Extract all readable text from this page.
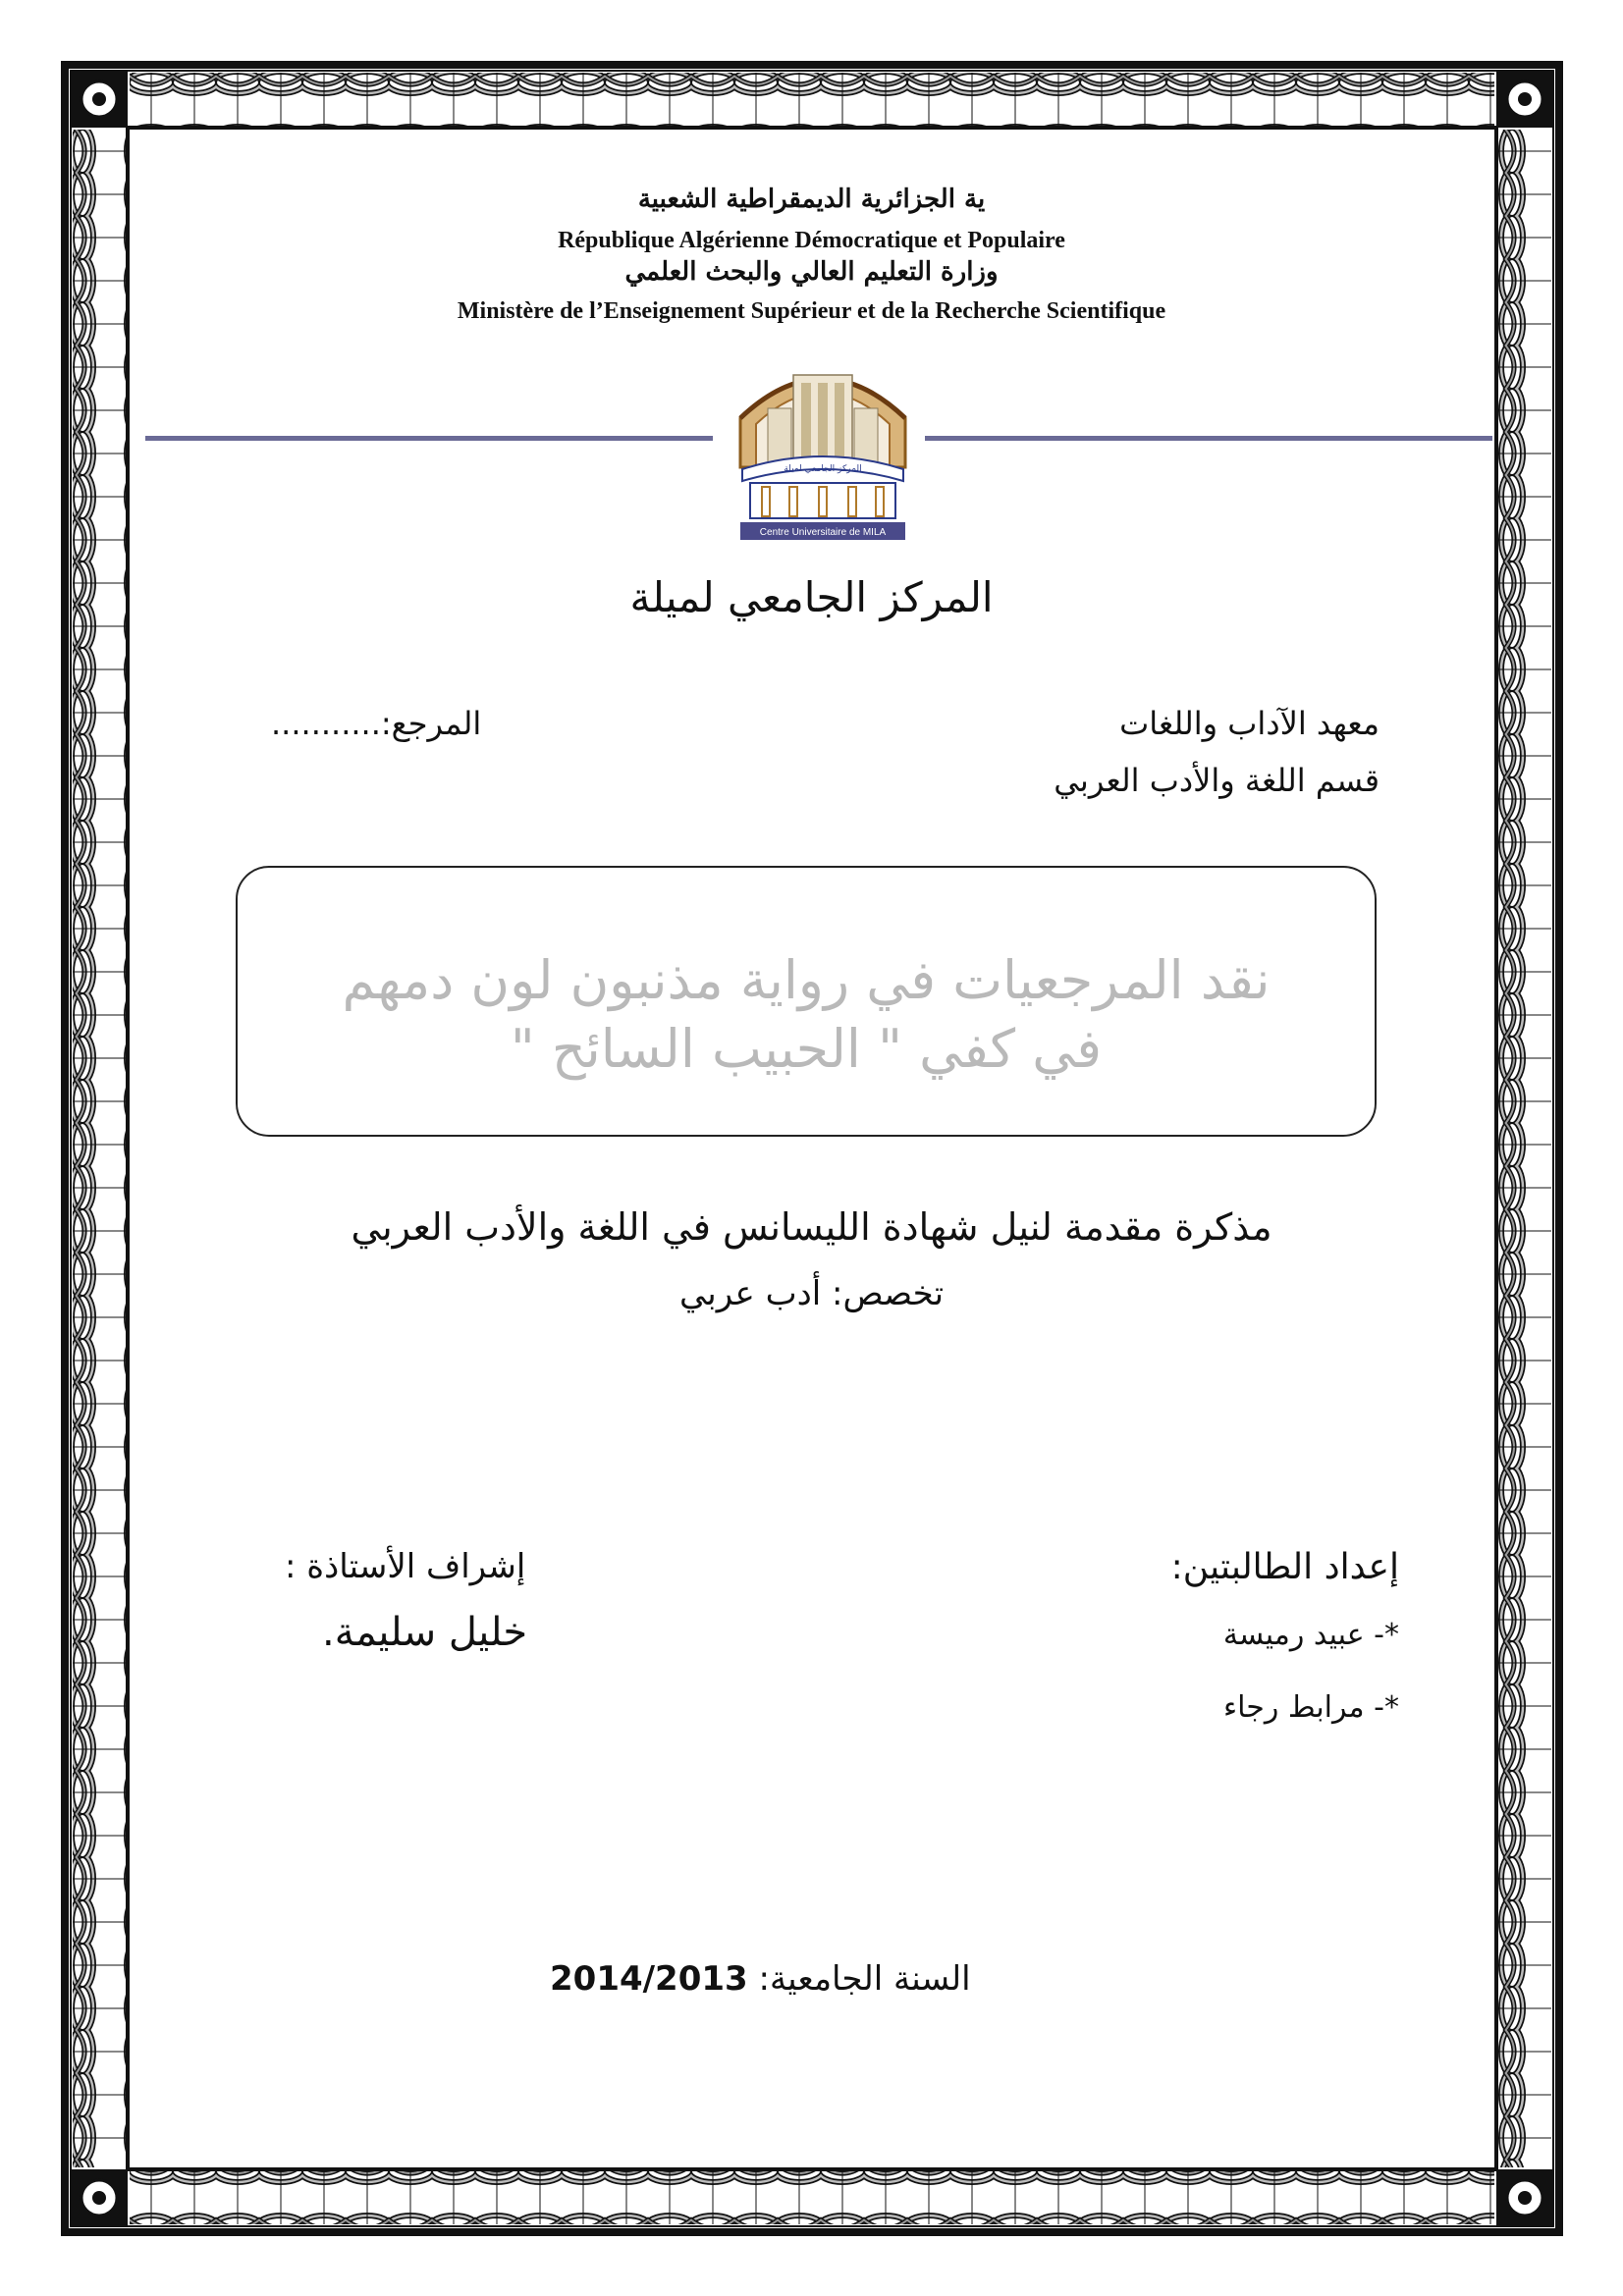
ﻳﺔ ﺍﻟﺠﺰﺍﺋﺮﻳﺔ ﺍﻟﺪﻳﻤﻘﺮﺍﻃﻴﺔ ﺍﻟﺸﻌﺒﻴﺔ
République Algérienne Démocratique et Populaire
ﻭﺯﺍﺭﺓ ﺍﻟﺘﻌﻠﻴﻢ ﺍﻟﻌﺎﻟﻲ ﻭﺍﻟﺒﺤﺚ ﺍﻟﻌﻠﻤﻲ
Ministère de l’Enseignement Supérieur et de la Recherche Scientifique
المركز الجامعي لميلة
Centre Universitaire de MILA
المركز الجامعي لميلة
معهد الآداب واللغات
المرجع:...........
قسم اللغة والأدب العربي
نقد المرجعيات في رواية مذنبون لون دمهم
في كفي " الحبيب السائح "
مذكرة مقدمة لنيل شهادة الليسانس في اللغة والأدب العربي
تخصص: أدب عربي
إعداد الطالبتين:
*- عبيد رميسة
*- مرابط رجاء
إشراف الأستاذة :
خليل سليمة.
السنة الجامعية: 2014/2013
